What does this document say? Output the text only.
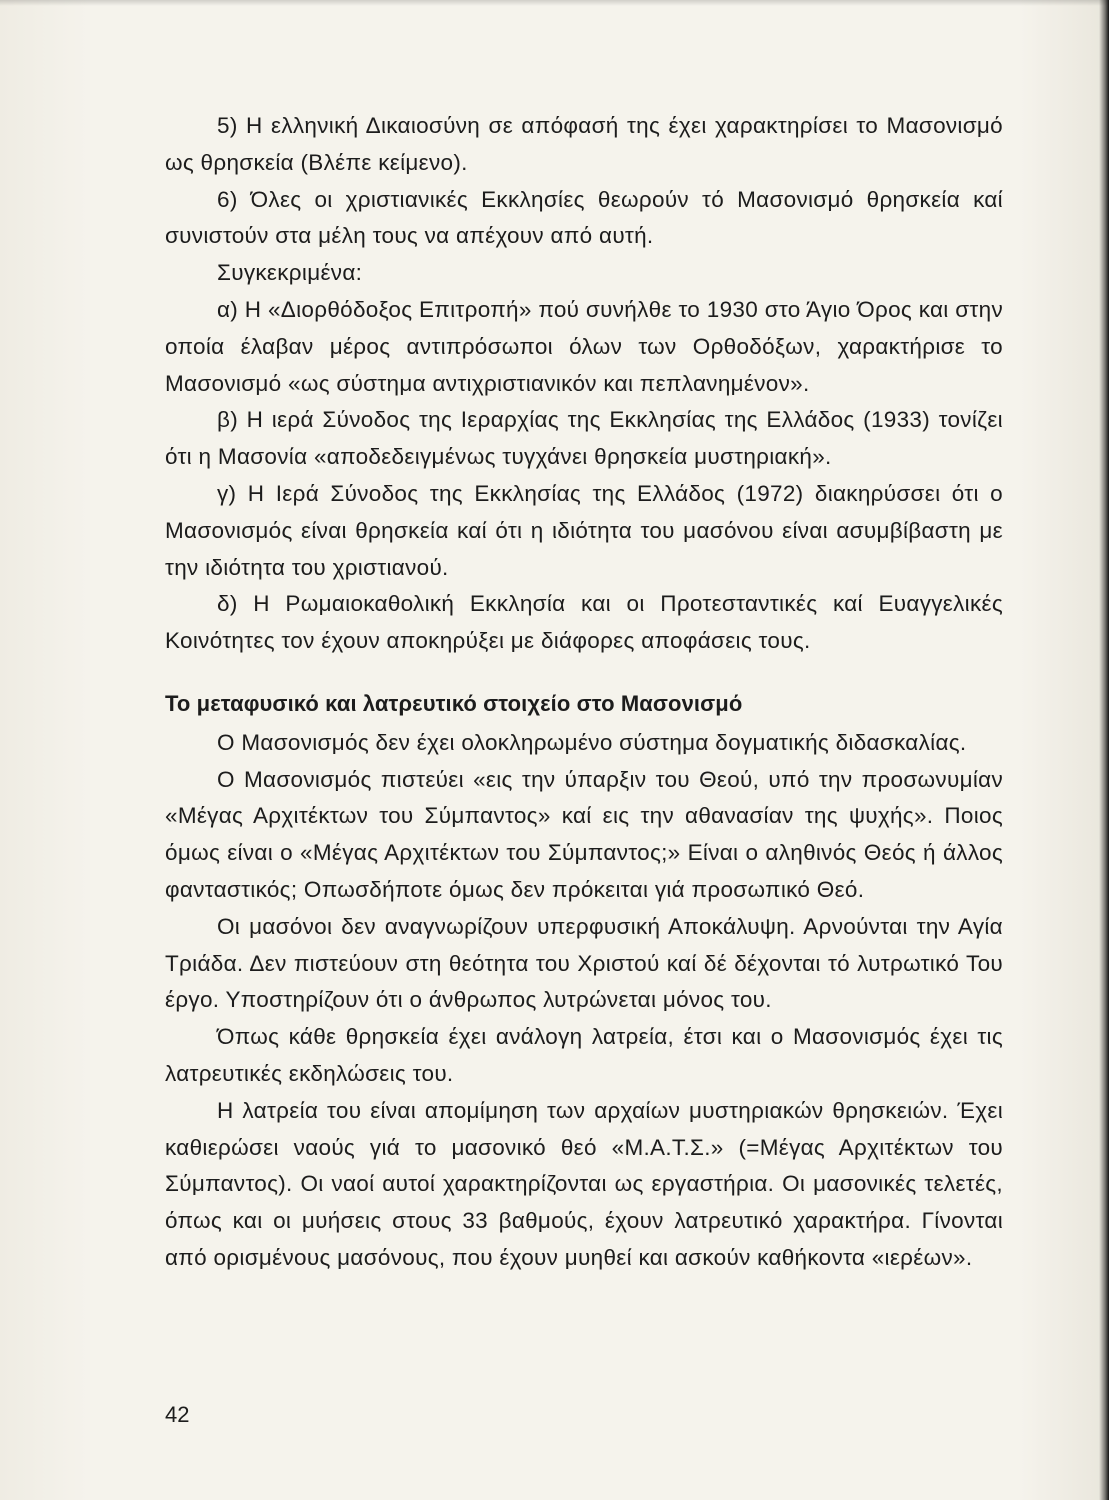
5) Η ελληνική Δικαιοσύνη σε απόφασή της έχει χαρακτηρίσει το Μασονισμό ως θρησκεία (Βλέπε κείμενο).

6) Όλες οι χριστιανικές Εκκλησίες θεωρούν τό Μασονισμό θρησκεία καί συνιστούν στα μέλη τους να απέχουν από αυτή.

Συγκεκριμένα:

α) Η «Διορθόδοξος Επιτροπή» πού συνήλθε το 1930 στο Άγιο Όρος και στην οποία έλαβαν μέρος αντιπρόσωποι όλων των Ορθοδόξων, χαρακτήρισε το Μασονισμό «ως σύστημα αντιχριστιανικόν και πεπλανημένον».

β) Η ιερά Σύνοδος της Ιεραρχίας της Εκκλησίας της Ελλάδος (1933) τονίζει ότι η Μασονία «αποδεδειγμένως τυγχάνει θρησκεία μυστηριακή».

γ) Η Ιερά Σύνοδος της Εκκλησίας της Ελλάδος (1972) διακηρύσσει ότι ο Μασονισμός είναι θρησκεία καί ότι η ιδιότητα του μασόνου είναι ασυμβίβαστη με την ιδιότητα του χριστιανού.

δ) Η Ρωμαιοκαθολική Εκκλησία και οι Προτεσταντικές καί Ευαγγελικές Κοινότητες τον έχουν αποκηρύξει με διάφορες αποφάσεις τους.

Το μεταφυσικό και λατρευτικό στοιχείο στο Μασονισμό

Ο Μασονισμός δεν έχει ολοκληρωμένο σύστημα δογματικής διδασκαλίας.

Ο Μασονισμός πιστεύει «εις την ύπαρξιν του Θεού, υπό την προσωνυμίαν «Μέγας Αρχιτέκτων του Σύμπαντος» καί εις την αθανασίαν της ψυχής». Ποιος όμως είναι ο «Μέγας Αρχιτέκτων του Σύμπαντος;» Είναι ο αληθινός Θεός ή άλλος φανταστικός; Οπωσδήποτε όμως δεν πρόκειται γιά προσωπικό Θεό.

Οι μασόνοι δεν αναγνωρίζουν υπερφυσική Αποκάλυψη. Αρνούνται την Αγία Τριάδα. Δεν πιστεύουν στη θεότητα του Χριστού καί δέ δέχονται τό λυτρωτικό Του έργο. Υποστηρίζουν ότι ο άνθρωπος λυτρώνεται μόνος του.

Όπως κάθε θρησκεία έχει ανάλογη λατρεία, έτσι και ο Μασονισμός έχει τις λατρευτικές εκδηλώσεις του.

Η λατρεία του είναι απομίμηση των αρχαίων μυστηριακών θρησκειών. Έχει καθιερώσει ναούς γιά το μασονικό θεό «Μ.Α.Τ.Σ.» (=Μέγας Αρχιτέκτων του Σύμπαντος). Οι ναοί αυτοί χαρακτηρίζονται ως εργαστήρια. Οι μασονικές τελετές, όπως και οι μυήσεις στους 33 βαθμούς, έχουν λατρευτικό χαρακτήρα. Γίνονται από ορισμένους μασόνους, που έχουν μυηθεί και ασκούν καθήκοντα «ιερέων».

42
